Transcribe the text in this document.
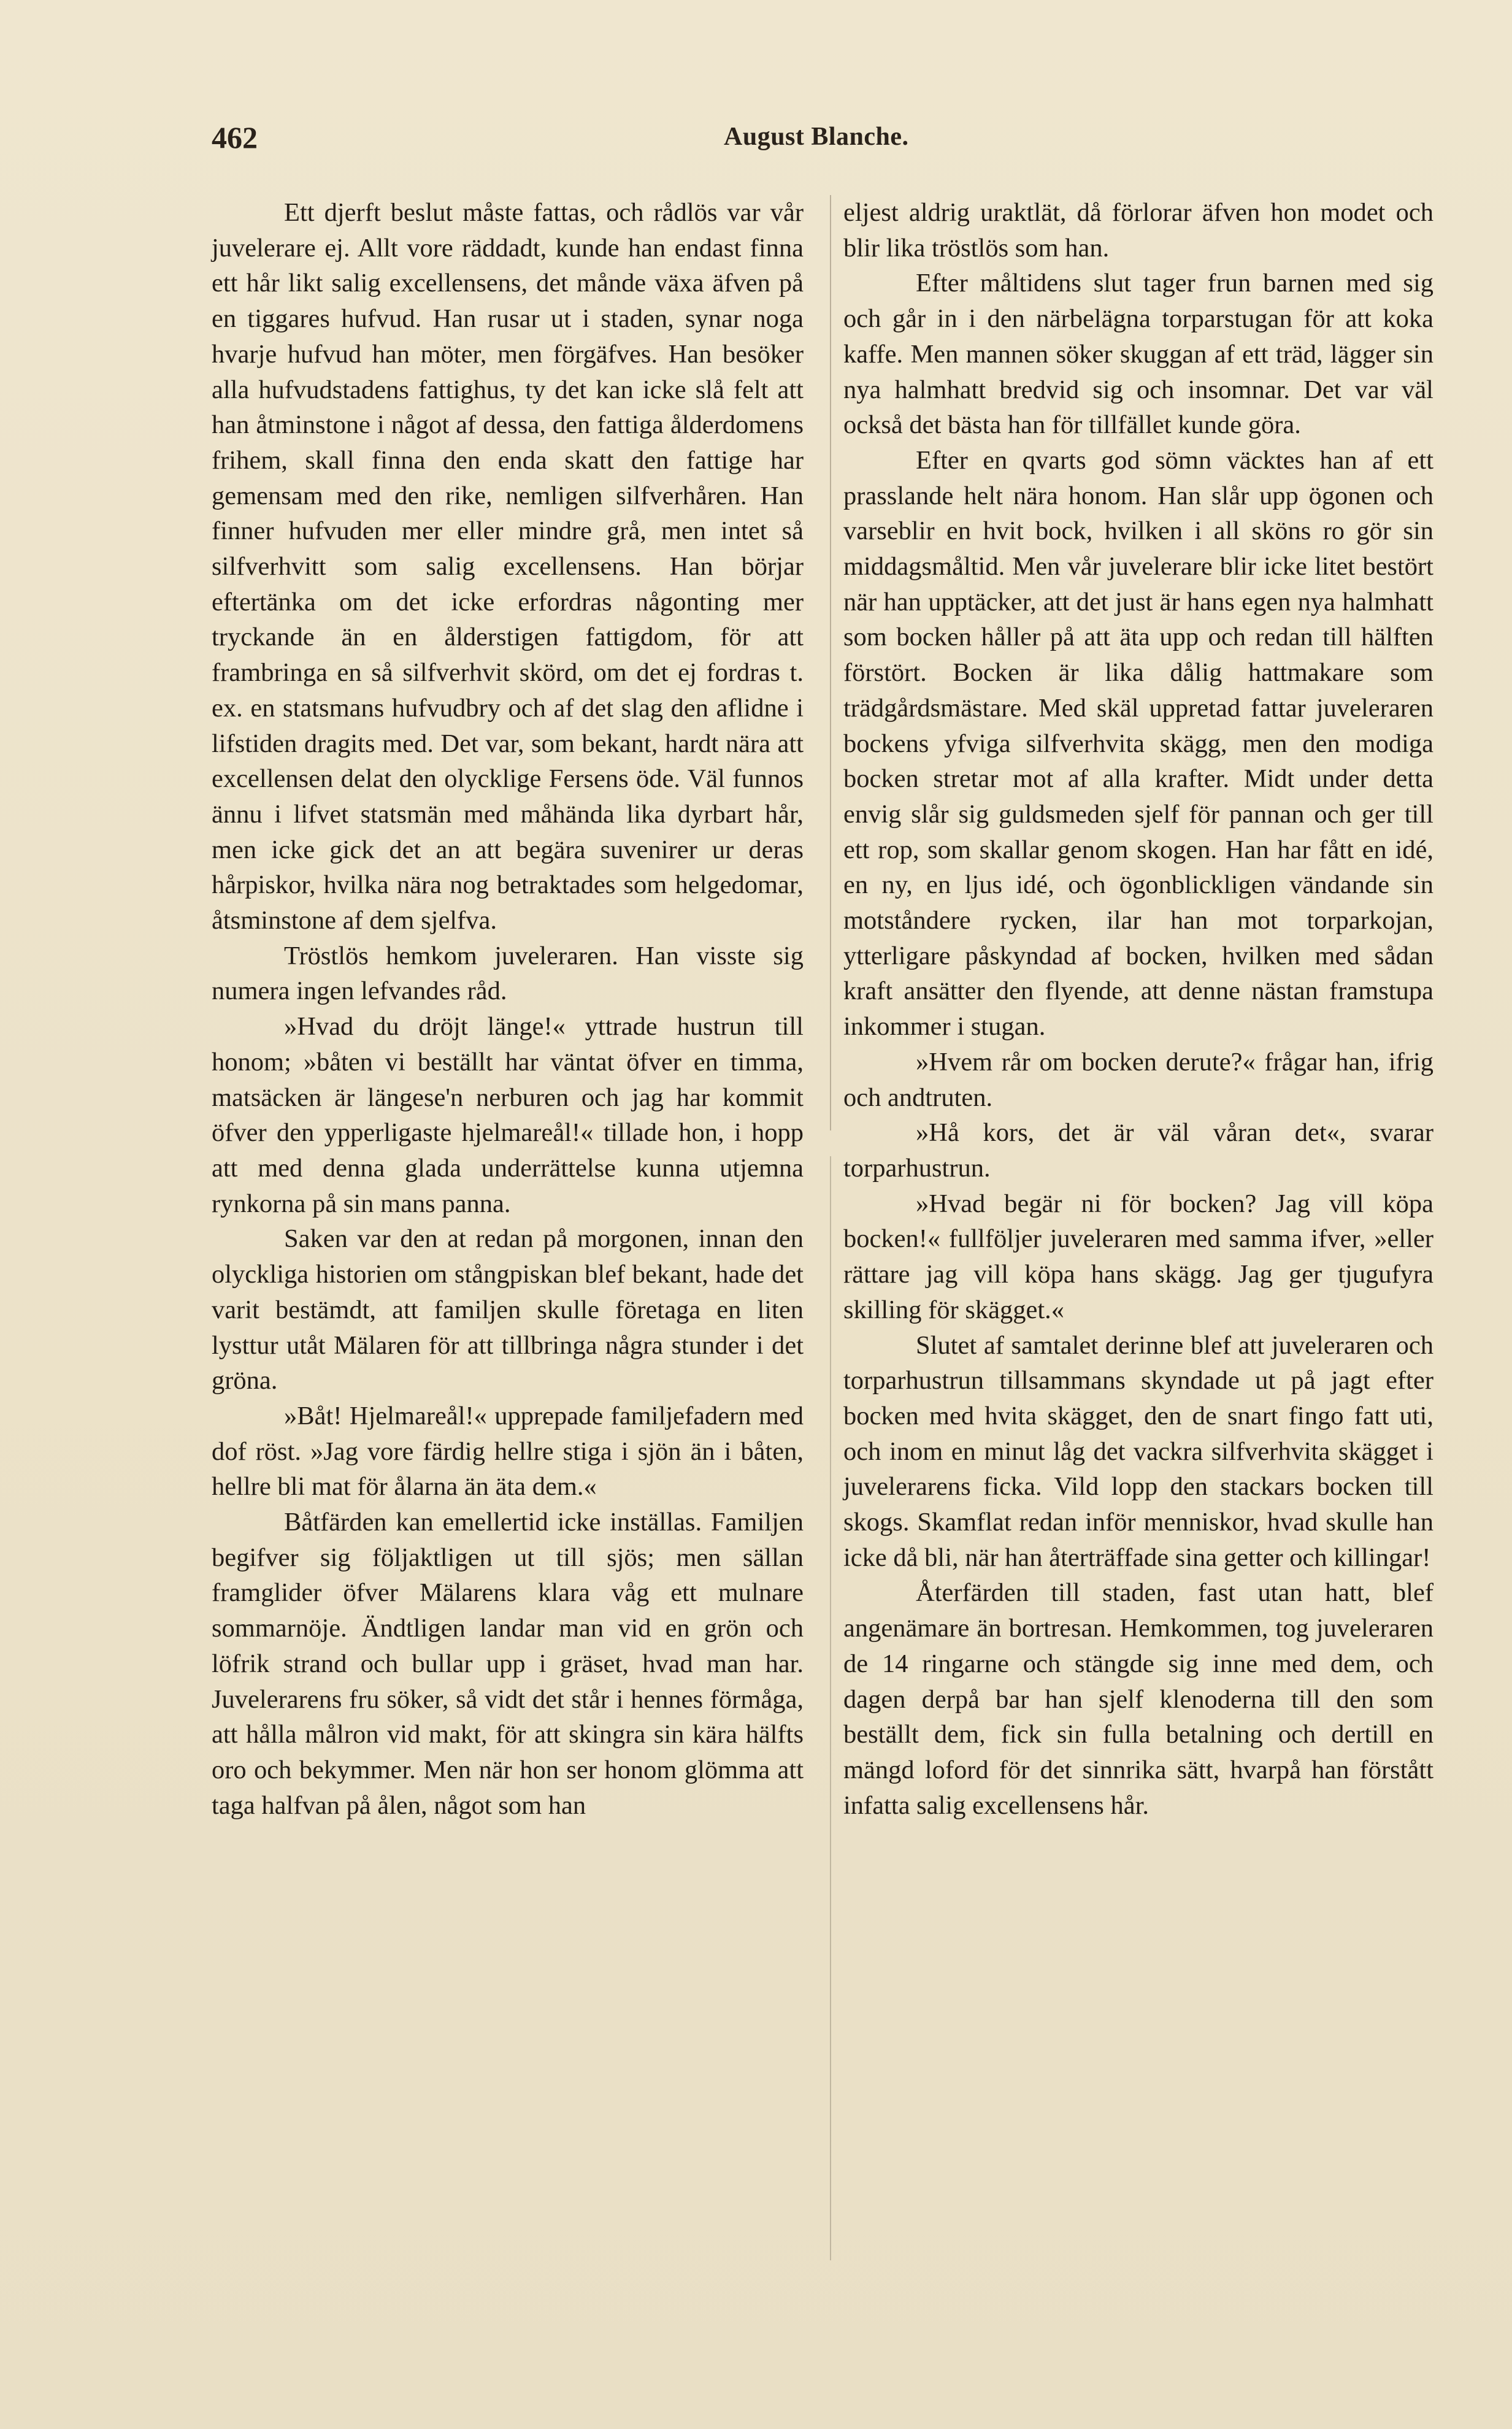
462	August Blanche.

Ett djerft beslut måste fattas, och rådlös var vår juvelerare ej. Allt vore räddadt, kunde han endast finna ett hår likt salig excellensens, det månde växa äfven på en tiggares hufvud. Han rusar ut i staden, synar noga hvarje hufvud han möter, men förgäfves. Han besöker alla hufvudstadens fattighus, ty det kan icke slå felt att han åtminstone i något af dessa, den fattiga ålderdomens frihem, skall finna den enda skatt den fattige har gemensam med den rike, nemligen silfverhåren. Han finner hufvuden mer eller mindre grå, men intet så silfverhvitt som salig excellensens. Han börjar eftertänka om det icke erfordras någonting mer tryckande än en ålderstigen fattigdom, för att frambringa en så silfverhvit skörd, om det ej fordras t. ex. en statsmans hufvudbry och af det slag den aflidne i lifstiden dragits med. Det var, som bekant, hardt nära att excellensen delat den olycklige Fersens öde. Väl funnos ännu i lifvet statsmän med måhända lika dyrbart hår, men icke gick det an att begära suvenirer ur deras hårpiskor, hvilka nära nog betraktades som helgedomar, åtsminstone af dem sjelfva.

Tröstlös hemkom juveleraren. Han visste sig numera ingen lefvandes råd.

»Hvad du dröjt länge!« yttrade hustrun till honom; »båten vi beställt har väntat öfver en timma, matsäcken är längese'n nerburen och jag har kommit öfver den ypperligaste hjelmareål!« tillade hon, i hopp att med denna glada underrättelse kunna utjemna rynkorna på sin mans panna.

Saken var den at redan på morgonen, innan den olyckliga historien om stångpiskan blef bekant, hade det varit bestämdt, att familjen skulle företaga en liten lysttur utåt Mälaren för att tillbringa några stunder i det gröna.

»Båt! Hjelmareål!« upprepade familjefadern med dof röst. »Jag vore färdig hellre stiga i sjön än i båten, hellre bli mat för ålarna än äta dem.«

Båtfärden kan emellertid icke inställas. Familjen begifver sig följaktligen ut till sjös; men sällan framglider öfver Mälarens klara våg ett mulnare sommarnöje. Ändtligen landar man vid en grön och löfrik strand och bullar upp i gräset, hvad man har. Juvelerarens fru söker, så vidt det står i hennes förmåga, att hålla målron vid makt, för att skingra sin kära hälfts oro och bekymmer. Men när hon ser honom glömma att taga halfvan på ålen, något som han

eljest aldrig uraktlät, då förlorar äfven hon modet och blir lika tröstlös som han.

Efter måltidens slut tager frun barnen med sig och går in i den närbelägna torparstugan för att koka kaffe. Men mannen söker skuggan af ett träd, lägger sin nya halmhatt bredvid sig och insomnar. Det var väl också det bästa han för tillfället kunde göra.

Efter en qvarts god sömn väcktes han af ett prasslande helt nära honom. Han slår upp ögonen och varseblir en hvit bock, hvilken i all sköns ro gör sin middagsmåltid. Men vår juvelerare blir icke litet bestört när han upptäcker, att det just är hans egen nya halmhatt som bocken håller på att äta upp och redan till hälften förstört. Bocken är lika dålig hattmakare som trädgårdsmästare. Med skäl uppretad fattar juveleraren bockens yfviga silfverhvita skägg, men den modiga bocken stretar mot af alla krafter. Midt under detta envig slår sig guldsmeden sjelf för pannan och ger till ett rop, som skallar genom skogen. Han har fått en idé, en ny, en ljus idé, och ögonblickligen vändande sin motståndere rycken, ilar han mot torparkojan, ytterligare påskyndad af bocken, hvilken med sådan kraft ansätter den flyende, att denne nästan framstupa inkommer i stugan.

»Hvem rår om bocken derute?« frågar han, ifrig och andtruten.

»Hå kors, det är väl våran det«, svarar torparhustrun.

»Hvad begär ni för bocken? Jag vill köpa bocken!« fullföljer juveleraren med samma ifver, »eller rättare jag vill köpa hans skägg. Jag ger tjugufyra skilling för skägget.«

Slutet af samtalet derinne blef att juveleraren och torparhustrun tillsammans skyndade ut på jagt efter bocken med hvita skägget, den de snart fingo fatt uti, och inom en minut låg det vackra silfverhvita skägget i juvelerarens ficka. Vild lopp den stackars bocken till skogs. Skamflat redan inför menniskor, hvad skulle han icke då bli, när han återträffade sina getter och killingar!

Återfärden till staden, fast utan hatt, blef angenämare än bortresan. Hemkommen, tog juveleraren de 14 ringarne och stängde sig inne med dem, och dagen derpå bar han sjelf klenoderna till den som beställt dem, fick sin fulla betalning och dertill en mängd loford för det sinnrika sätt, hvarpå han förstått infatta salig excellensens hår.
